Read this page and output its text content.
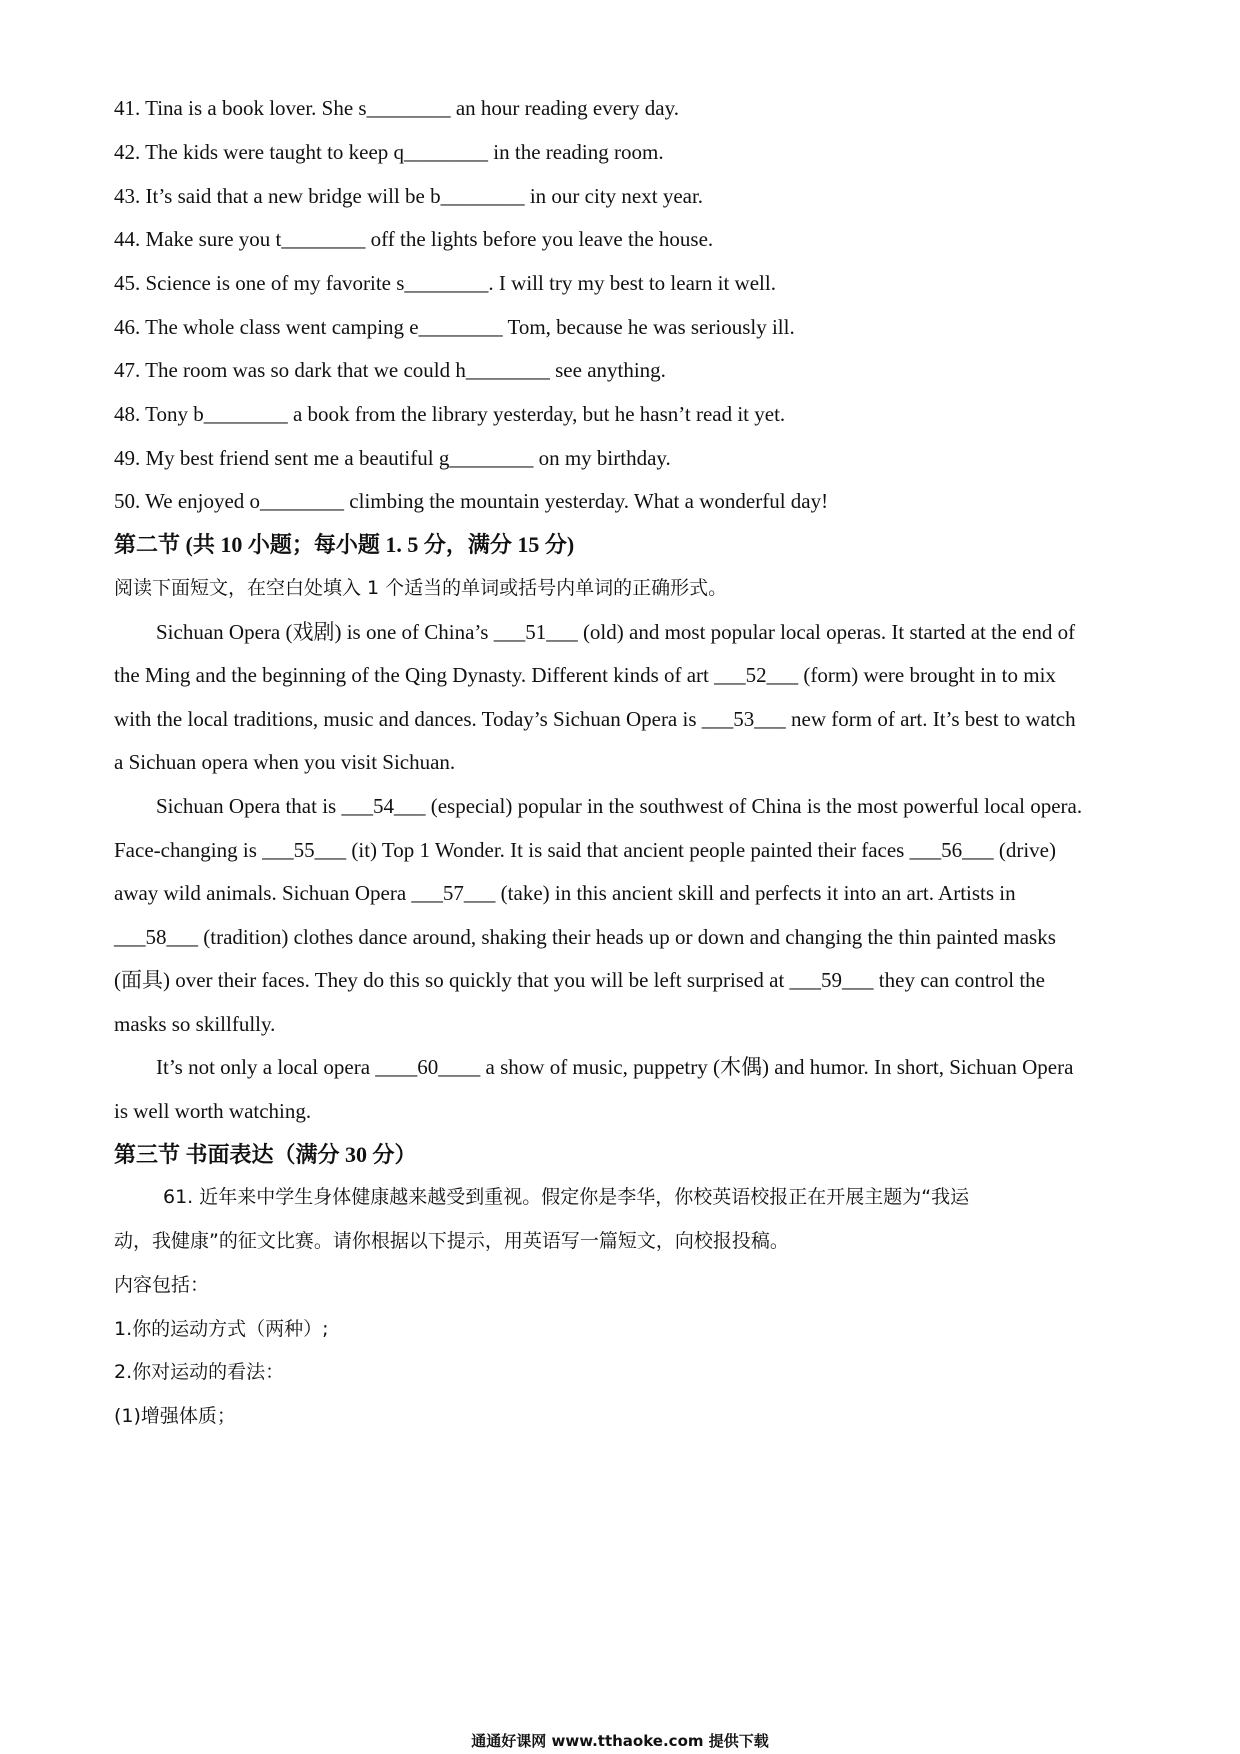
41. Tina is a book lover. She s________ an hour reading every day.
42. The kids were taught to keep q________ in the reading room.
43. It’s said that a new bridge will be b________ in our city next year.
44. Make sure you t________ off the lights before you leave the house.
45. Science is one of my favorite s________. I will try my best to learn it well.
46. The whole class went camping e________ Tom, because he was seriously ill.
47. The room was so dark that we could h________ see anything.
48. Tony b________ a book from the library yesterday, but he hasn’t read it yet.
49. My best friend sent me a beautiful g________ on my birthday.
50. We enjoyed o________ climbing the mountain yesterday. What a wonderful day!
第二节 (共 10 小题；每小题 1. 5 分，满分 15 分)
阅读下面短文，在空白处填入 1 个适当的单词或括号内单词的正确形式。
Sichuan Opera (戏剧) is one of China’s ___51___ (old) and most popular local operas. It started at the end of
the Ming and the beginning of the Qing Dynasty. Different kinds of art ___52___ (form) were brought in to mix
with the local traditions, music and dances. Today’s Sichuan Opera is ___53___ new form of art. It’s best to watch
a Sichuan opera when you visit Sichuan.
Sichuan Opera that is ___54___ (especial) popular in the southwest of China is the most powerful local opera.
Face-changing is ___55___ (it) Top 1 Wonder. It is said that ancient people painted their faces ___56___ (drive)
away wild animals. Sichuan Opera ___57___ (take) in this ancient skill and perfects it into an art. Artists in
___58___ (tradition) clothes dance around, shaking their heads up or down and changing the thin painted masks
(面具) over their faces. They do this so quickly that you will be left surprised at ___59___ they can control the
masks so skillfully.
It’s not only a local opera ____60____ a show of music, puppetry (木偶) and humor. In short, Sichuan Opera
is well worth watching.
第三节 书面表达（满分 30 分）
61. 近年来中学生身体健康越来越受到重视。假定你是李华，你校英语校报正在开展主题为“我运
动，我健康”的征文比赛。请你根据以下提示，用英语写一篇短文，向校报投稿。
内容包括：
1.你的运动方式（两种）;
2.你对运动的看法：
(1)增强体质；
通通好课网 www.tthaoke.com 提供下载
